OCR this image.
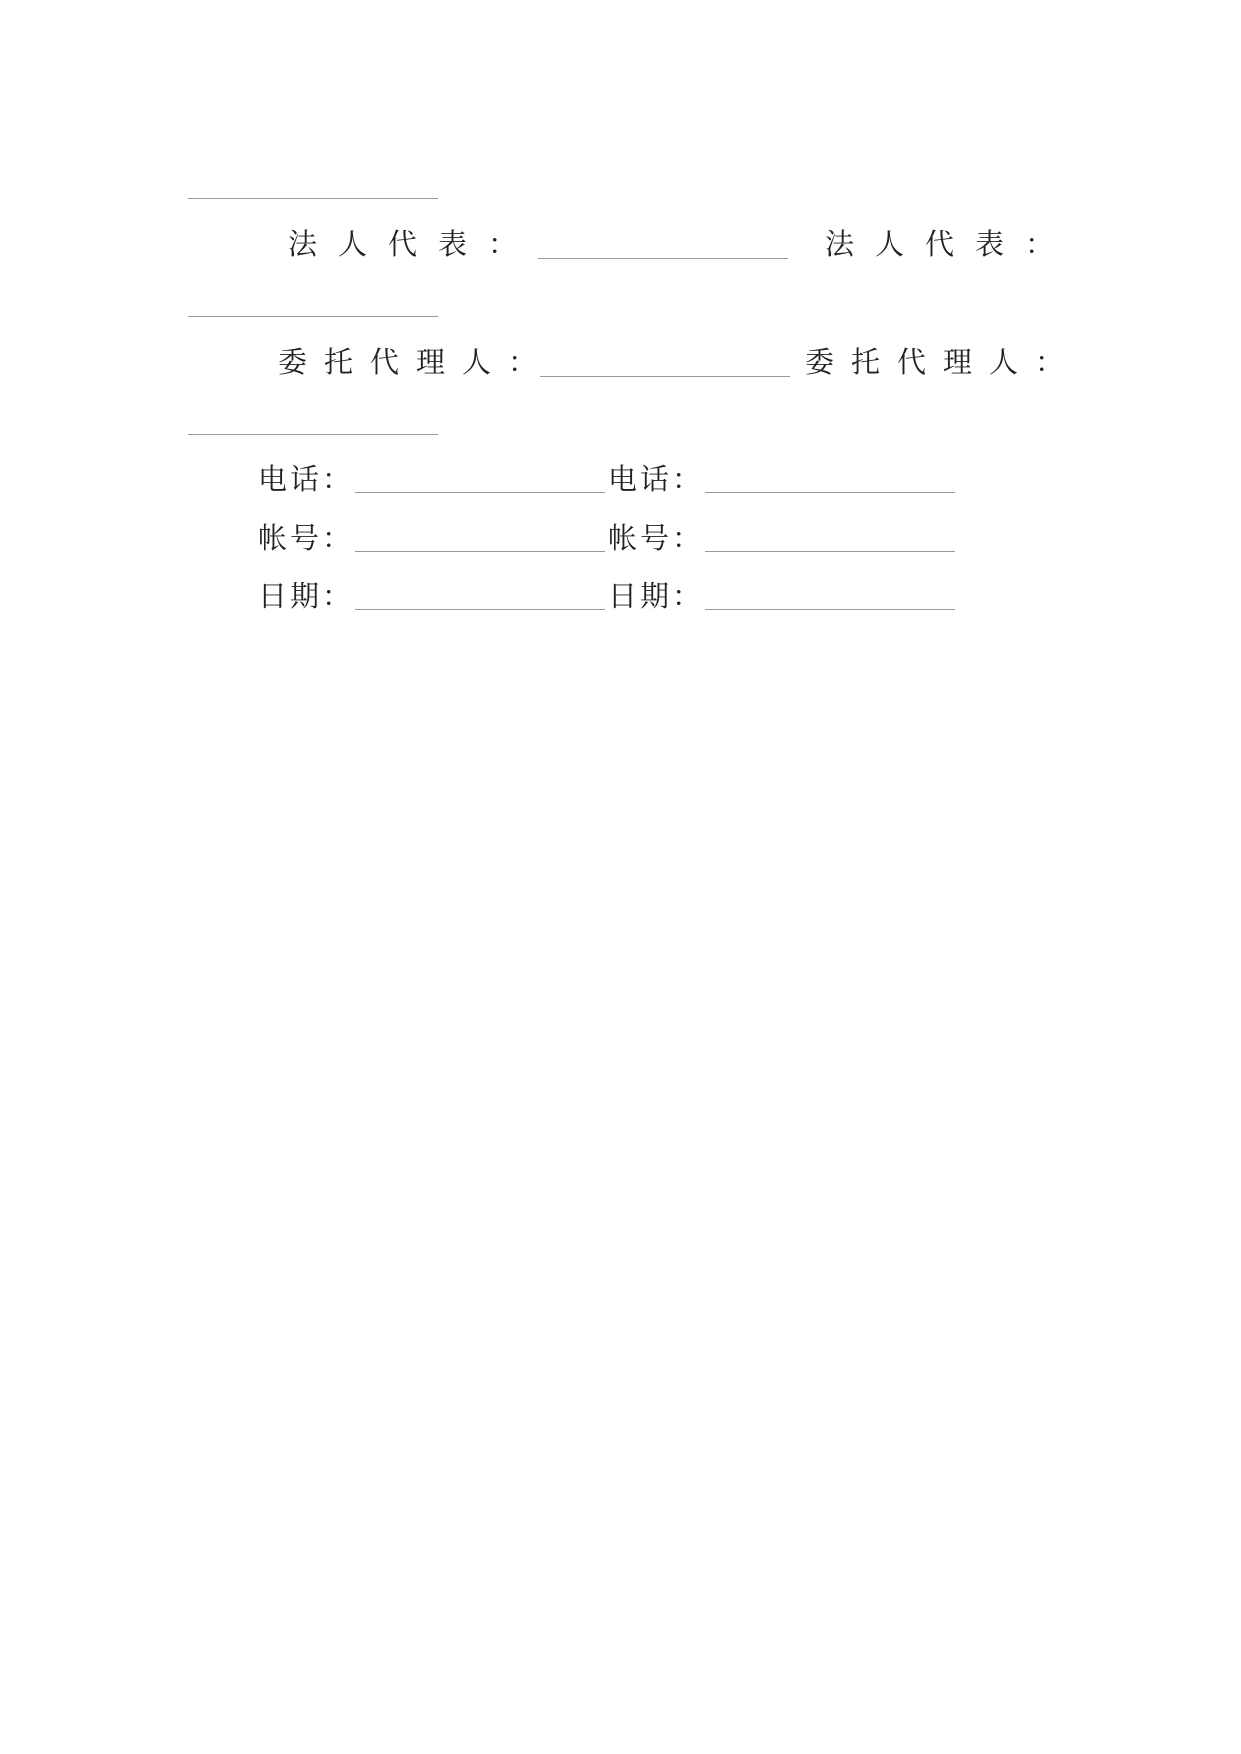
法人代表：	法人代表：
委托代理人：	委托代理人：
电话：	电话：
帐号：	帐号：
日期：	日期：
